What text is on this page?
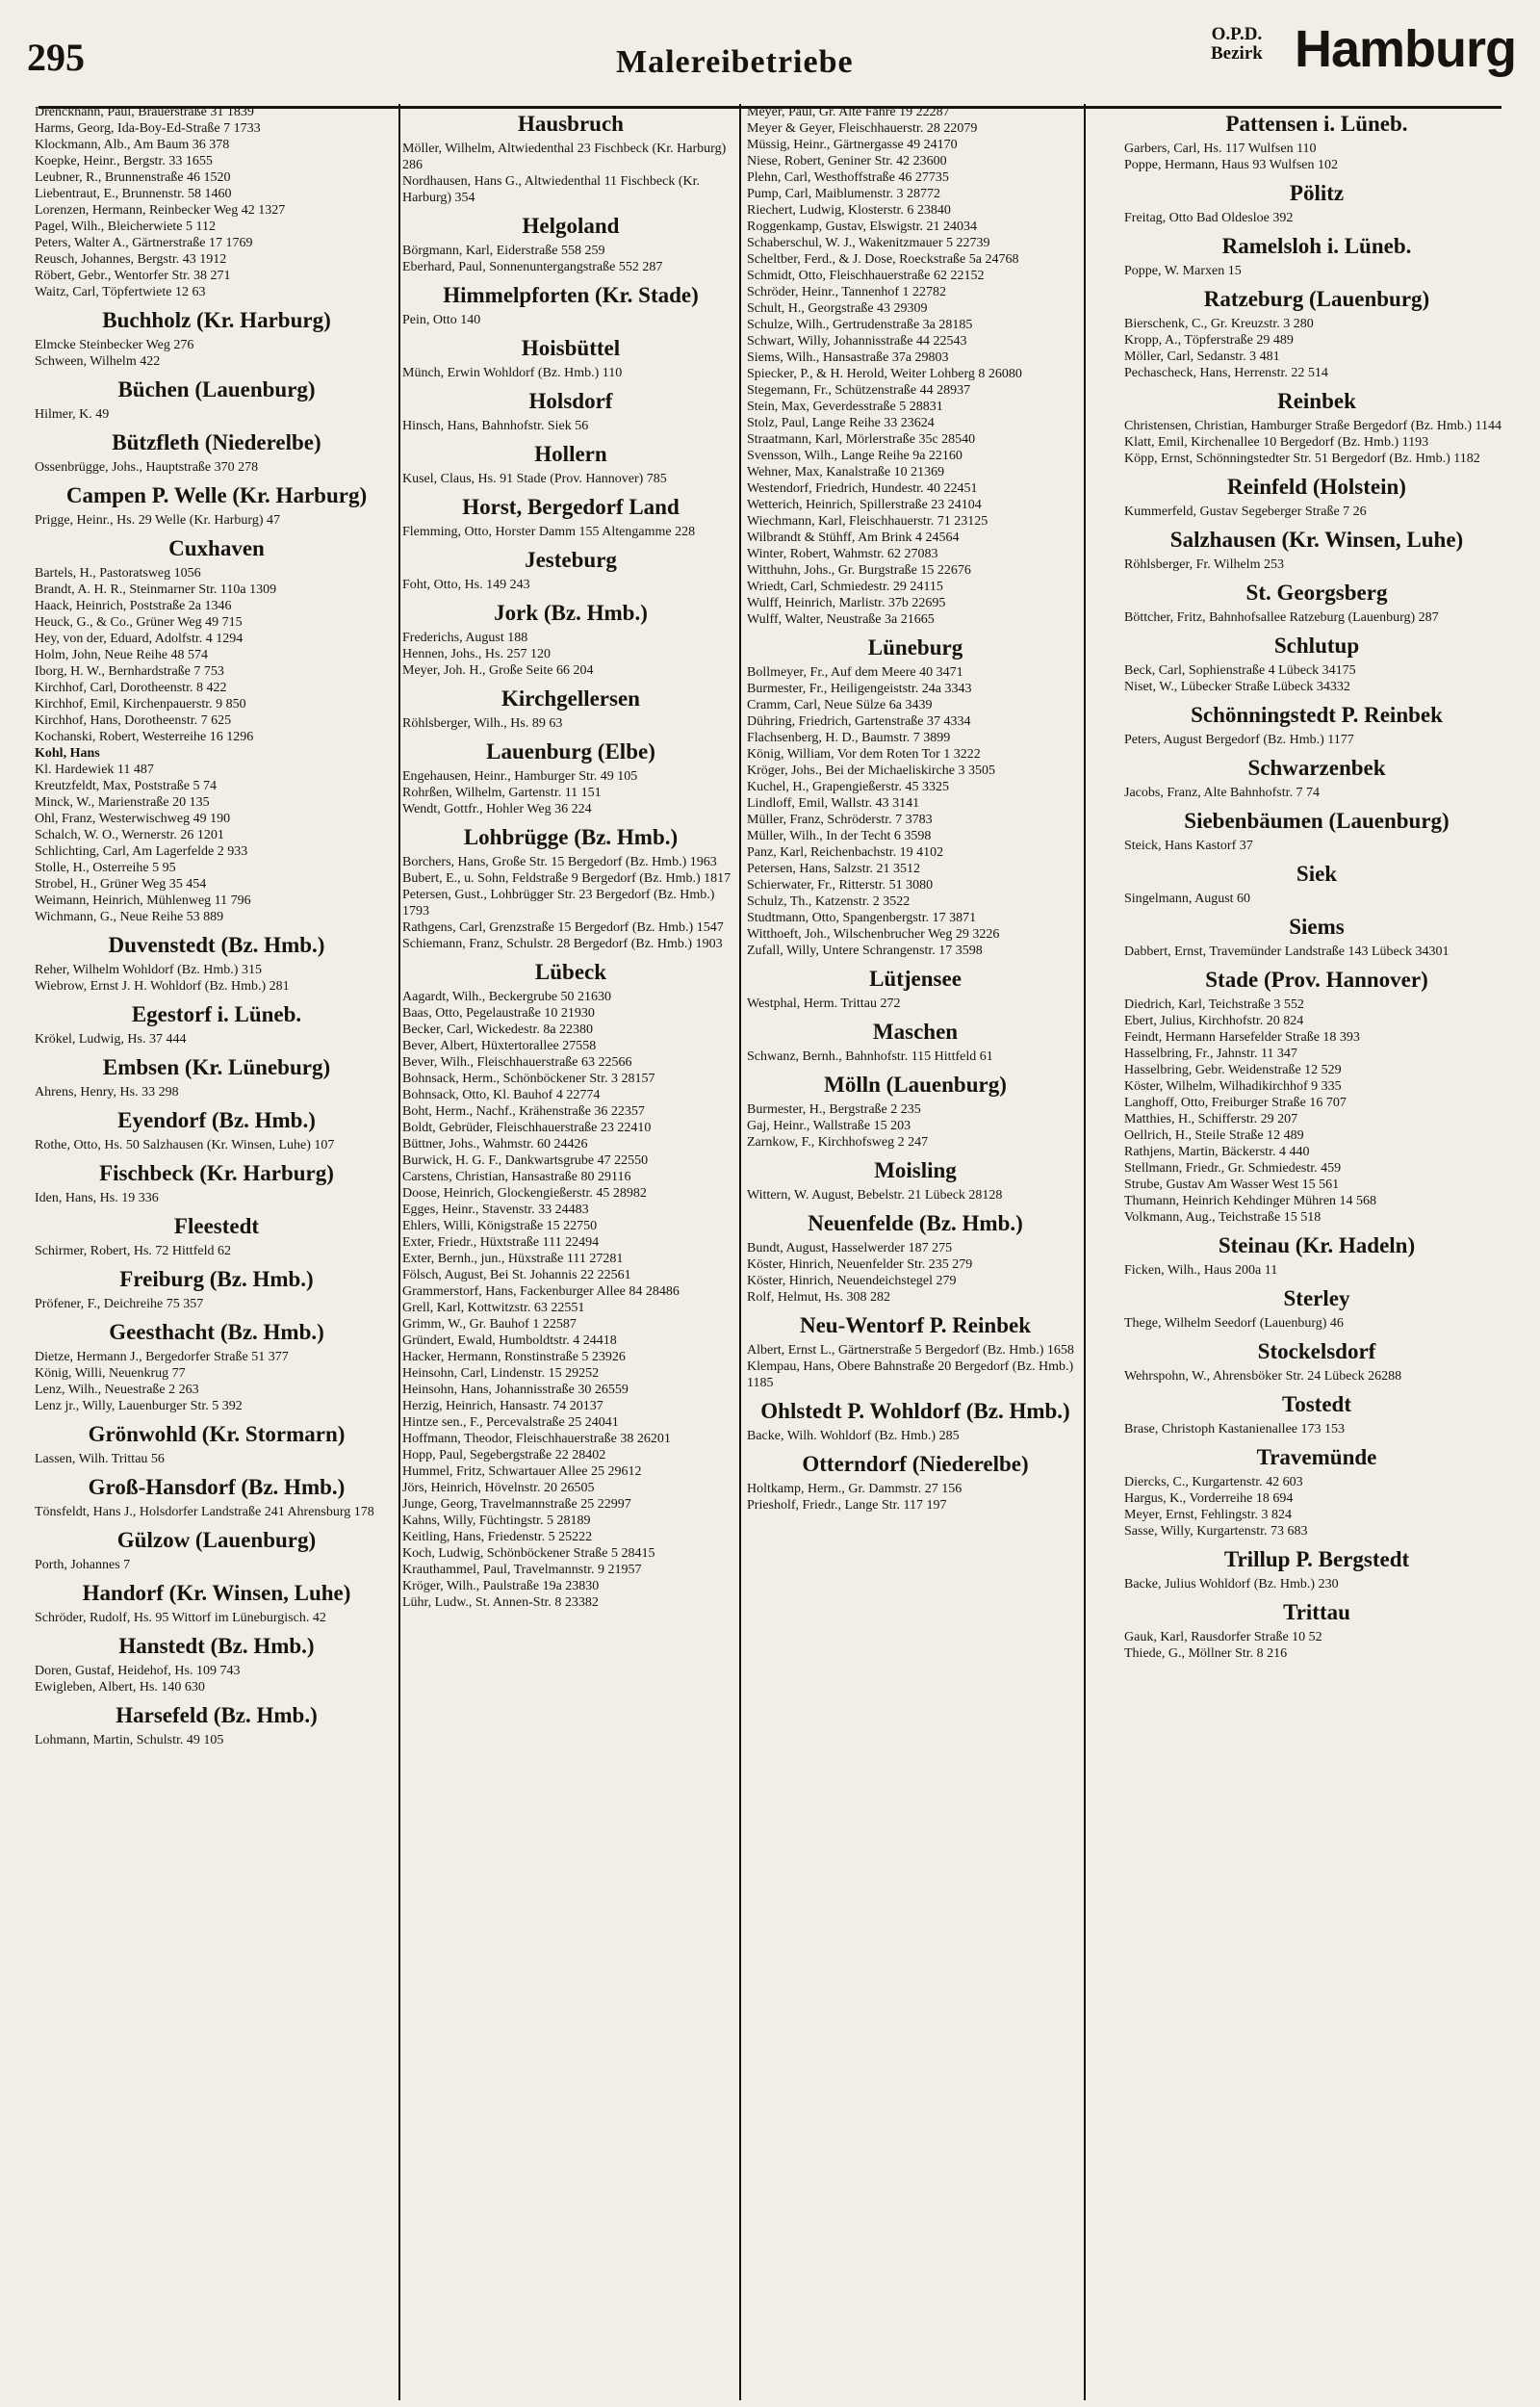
295	Malereibetriebe
O.P.D.
Bezirk Hamburg
Drenckhahn, Paul, Brauerstraße 31 1839
Harms, Georg, Ida-Boy-Ed-Straße 7 1733
Klockmann, Alb., Am Baum 36 378
Koepke, Heinr., Bergstr. 33 1655
Leubner, R., Brunnenstraße 46 1520
Liebentraut, E., Brunnenstr. 58 1460
Lorenzen, Hermann, Reinbecker Weg 42 1327
Pagel, Wilh., Bleicherwiete 5 112
Peters, Walter A., Gärtnerstraße 17 1769
Reusch, Johannes, Bergstr. 43 1912
Röbert, Gebr., Wentorfer Str. 38 271
Waitz, Carl, Töpfertwiete 12 63
Buchholz (Kr. Harburg)
Elmcke Steinbecker Weg 276
Schween, Wilhelm 422
Büchen (Lauenburg)
Hilmer, K. 49
Bützfleth (Niederelbe)
Ossenbrügge, Johs., Hauptstraße 370 278
Campen P. Welle (Kr. Harburg)
Prigge, Heinr., Hs. 29 Welle (Kr. Harburg) 47
Cuxhaven
Bartels, H., Pastoratsweg 1056
Brandt, A. H. R., Steinmarner Str. 110a 1309
Haack, Heinrich, Poststraße 2a 1346
Heuck, G., & Co., Grüner Weg 49 715
Hey, von der, Eduard, Adolfstr. 4 1294
Holm, John, Neue Reihe 48 574
Iborg, H. W., Bernhardstraße 7 753
Kirchhof, Carl, Dorotheenstr. 8 422
Kirchhof, Emil, Kirchenpauerstr. 9 850
Kirchhof, Hans, Dorotheenstr. 7 625
Kochanski, Robert, Westerreihe 16 1296
Kohl, Hans
Kl. Hardewiek 11 487
Kreutzfeldt, Max, Poststraße 5 74
Minck, W., Marienstraße 20 135
Ohl, Franz, Westerwischweg 49 190
Schalch, W. O., Wernerstr. 26 1201
Schlichting, Carl, Am Lagerfelde 2 933
Stolle, H., Osterreihe 5 95
Strobel, H., Grüner Weg 35 454
Weimann, Heinrich, Mühlenweg 11 796
Wichmann, G., Neue Reihe 53 889
Duvenstedt (Bz. Hmb.)
Reher, Wilhelm Wohldorf (Bz. Hmb.) 315
Wiebrow, Ernst J. H. Wohldorf (Bz. Hmb.) 281
Egestorf i. Lüneb.
Krökel, Ludwig, Hs. 37 444
Embsen (Kr. Lüneburg)
Ahrens, Henry, Hs. 33 298
Eyendorf (Bz. Hmb.)
Rothe, Otto, Hs. 50 Salzhausen (Kr. Winsen, Luhe) 107
Fischbeck (Kr. Harburg)
Iden, Hans, Hs. 19 336
Fleestedt
Schirmer, Robert, Hs. 72 Hittfeld 62
Freiburg (Bz. Hmb.)
Pröfener, F., Deichreihe 75 357
Geesthacht (Bz. Hmb.)
Dietze, Hermann J., Bergedorfer Straße 51 377
König, Willi, Neuenkrug 77
Lenz, Wilh., Neuestraße 2 263
Lenz jr., Willy, Lauenburger Str. 5 392
Grönwohld (Kr. Stormarn)
Lassen, Wilh. Trittau 56
Groß-Hansdorf (Bz. Hmb.)
Tönsfeldt, Hans J., Holsdorfer Landstraße 241 Ahrensburg 178
Gülzow (Lauenburg)
Porth, Johannes 7
Handorf (Kr. Winsen, Luhe)
Schröder, Rudolf, Hs. 95 Wittorf im Lüneburgisch. 42
Hanstedt (Bz. Hmb.)
Doren, Gustaf, Heidehof, Hs. 109 743
Ewigleben, Albert, Hs. 140 630
Harsefeld (Bz. Hmb.)
Lohmann, Martin, Schulstr. 49 105
Hausbruch
Möller, Wilhelm, Altwiedenthal 23 Fischbeck (Kr. Harburg) 286
Nordhausen, Hans G., Altwiedenthal 11 Fischbeck (Kr. Harburg) 354
Helgoland
Börgmann, Karl, Eiderstraße 558 259
Eberhard, Paul, Sonnenuntergangstraße 552 287
Himmelpforten (Kr. Stade)
Pein, Otto 140
Hoisbüttel
Münch, Erwin Wohldorf (Bz. Hmb.) 110
Holsdorf
Hinsch, Hans, Bahnhofstr. Siek 56
Hollern
Kusel, Claus, Hs. 91 Stade (Prov. Hannover) 785
Horst, Bergedorf Land
Flemming, Otto, Horster Damm 155 Altengamme 228
Jesteburg
Foht, Otto, Hs. 149 243
Jork (Bz. Hmb.)
Frederichs, August 188
Hennen, Johs., Hs. 257 120
Meyer, Joh. H., Große Seite 66 204
Kirchgellersen
Röhlsberger, Wilh., Hs. 89 63
Lauenburg (Elbe)
Engehausen, Heinr., Hamburger Str. 49 105
Rohrßen, Wilhelm, Gartenstr. 11 151
Wendt, Gottfr., Hohler Weg 36 224
Lohbrügge (Bz. Hmb.)
Borchers, Hans, Große Str. 15 Bergedorf (Bz. Hmb.) 1963
Bubert, E., u. Sohn, Feldstraße 9 Bergedorf (Bz. Hmb.) 1817
Petersen, Gust., Lohbrügger Str. 23 Bergedorf (Bz. Hmb.) 1793
Rathgens, Carl, Grenzstraße 15 Bergedorf (Bz. Hmb.) 1547
Schiemann, Franz, Schulstr. 28 Bergedorf (Bz. Hmb.) 1903
Lübeck
Aagardt, Wilh., Beckergrube 50 21630
Baas, Otto, Pegelaustraße 10 21930
Becker, Carl, Wickedestr. 8a 22380
Bever, Albert, Hüxtertorallee 27558
Bever, Wilh., Fleischhauerstraße 63 22566
Bohnsack, Herm., Schönböckener Str. 3 28157
Bohnsack, Otto, Kl. Bauhof 4 22774
Boht, Herm., Nachf., Krähenstraße 36 22357
Boldt, Gebrüder, Fleischhauerstraße 23 22410
Büttner, Johs., Wahmstr. 60 24426
Burwick, H. G. F., Dankwartsgrube 47 22550
Carstens, Christian, Hansastraße 80 29116
Doose, Heinrich, Glockengießerstr. 45 28982
Egges, Heinr., Stavenstr. 33 24483
Ehlers, Willi, Königstraße 15 22750
Exter, Friedr., Hüxtstraße 111 22494
Exter, Bernh., jun., Hüxstraße 111 27281
Fölsch, August, Bei St. Johannis 22 22561
Grammerstorf, Hans, Fackenburger Allee 84 28486
Grell, Karl, Kottwitzstr. 63 22551
Grimm, W., Gr. Bauhof 1 22587
Gründert, Ewald, Humboldtstr. 4 24418
Hacker, Hermann, Ronstinstraße 5 23926
Heinsohn, Carl, Lindenstr. 15 29252
Heinsohn, Hans, Johannisstraße 30 26559
Herzig, Heinrich, Hansastr. 74 20137
Hintze sen., F., Percevalstraße 25 24041
Hoffmann, Theodor, Fleischhauerstraße 38 26201
Hopp, Paul, Segebergstraße 22 28402
Hummel, Fritz, Schwartauer Allee 25 29612
Jörs, Heinrich, Hövelnstr. 20 26505
Junge, Georg, Travelmannstraße 25 22997
Kahns, Willy, Füchtingstr. 5 28189
Keitling, Hans, Friedenstr. 5 25222
Koch, Ludwig, Schönböckener Straße 5 28415
Krauthammel, Paul, Travelmannstr. 9 21957
Kröger, Wilh., Paulstraße 19a 23830
Lühr, Ludw., St. Annen-Str. 8 23382
Meyer, Paul, Gr. Alte Fähre 19 22287
Meyer & Geyer, Fleischhauerstr. 28 22079
Müssig, Heinr., Gärtnergasse 49 24170
Niese, Robert, Geniner Str. 42 23600
Plehn, Carl, Westhoffstraße 46 27735
Pump, Carl, Maiblumenstr. 3 28772
Riechert, Ludwig, Klosterstr. 6 23840
Roggenkamp, Gustav, Elswigstr. 21 24034
Schaberschul, W. J., Wakenitzmauer 5 22739
Scheltber, Ferd., & J. Dose, Roeckstraße 5a 24768
Schmidt, Otto, Fleischhauerstraße 62 22152
Schröder, Heinr., Tannenhof 1 22782
Schult, H., Georgstraße 43 29309
Schulze, Wilh., Gertrudenstraße 3a 28185
Schwart, Willy, Johannisstraße 44 22543
Siems, Wilh., Hansastraße 37a 29803
Spiecker, P., & H. Herold, Weiter Lohberg 8 26080
Stegemann, Fr., Schützenstraße 44 28937
Stein, Max, Geverdesstraße 5 28831
Stolz, Paul, Lange Reihe 33 23624
Straatmann, Karl, Mörlerstraße 35c 28540
Svensson, Wilh., Lange Reihe 9a 22160
Wehner, Max, Kanalstraße 10 21369
Westendorf, Friedrich, Hundestr. 40 22451
Wetterich, Heinrich, Spillerstraße 23 24104
Wiechmann, Karl, Fleischhauerstr. 71 23125
Wilbrandt & Stühff, Am Brink 4 24564
Winter, Robert, Wahmstr. 62 27083
Witthuhn, Johs., Gr. Burgstraße 15 22676
Wriedt, Carl, Schmiedestr. 29 24115
Wulff, Heinrich, Marlistr. 37b 22695
Wulff, Walter, Neustraße 3a 21665
Lüneburg
Bollmeyer, Fr., Auf dem Meere 40 3471
Burmester, Fr., Heiligengeiststr. 24a 3343
Cramm, Carl, Neue Sülze 6a 3439
Dühring, Friedrich, Gartenstraße 37 4334
Flachsenberg, H. D., Baumstr. 7 3899
König, William, Vor dem Roten Tor 1 3222
Kröger, Johs., Bei der Michaeliskirche 3 3505
Kuchel, H., Grapengießerstr. 45 3325
Lindloff, Emil, Wallstr. 43 3141
Müller, Franz, Schröderstr. 7 3783
Müller, Wilh., In der Techt 6 3598
Panz, Karl, Reichenbachstr. 19 4102
Petersen, Hans, Salzstr. 21 3512
Schierwater, Fr., Ritterstr. 51 3080
Schulz, Th., Katzenstr. 2 3522
Studtmann, Otto, Spangenbergstr. 17 3871
Witthoeft, Joh., Wilschenbrucher Weg 29 3226
Zufall, Willy, Untere Schrangenstr. 17 3598
Lütjensee
Westphal, Herm. Trittau 272
Maschen
Schwanz, Bernh., Bahnhofstr. 115 Hittfeld 61
Mölln (Lauenburg)
Burmester, H., Bergstraße 2 235
Gaj, Heinr., Wallstraße 15 203
Zarnkow, F., Kirchhofsweg 2 247
Moisling
Wittern, W. August, Bebelstr. 21 Lübeck 28128
Neuenfelde (Bz. Hmb.)
Bundt, August, Hasselwerder 187 275
Köster, Hinrich, Neuenfelder Str. 235 279
Köster, Hinrich, Neuendeichstegel 279
Rolf, Helmut, Hs. 308 282
Neu-Wentorf P. Reinbek
Albert, Ernst L., Gärtnerstraße 5 Bergedorf (Bz. Hmb.) 1658
Klempau, Hans, Obere Bahnstraße 20 Bergedorf (Bz. Hmb.) 1185
Ohlstedt P. Wohldorf (Bz. Hmb.)
Backe, Wilh. Wohldorf (Bz. Hmb.) 285
Otterndorf (Niederelbe)
Holtkamp, Herm., Gr. Dammstr. 27 156
Priesholf, Friedr., Lange Str. 117 197
Pattensen i. Lüneb.
Garbers, Carl, Hs. 117 Wulfsen 110
Poppe, Hermann, Haus 93 Wulfsen 102
Pölitz
Freitag, Otto Bad Oldesloe 392
Ramelsloh i. Lüneb.
Poppe, W. Marxen 15
Ratzeburg (Lauenburg)
Bierschenk, C., Gr. Kreuzstr. 3 280
Kropp, A., Töpferstraße 29 489
Möller, Carl, Sedanstr. 3 481
Pechascheck, Hans, Herrenstr. 22 514
Reinbek
Christensen, Christian, Hamburger Straße Bergedorf (Bz. Hmb.) 1144
Klatt, Emil, Kirchenallee 10 Bergedorf (Bz. Hmb.) 1193
Köpp, Ernst, Schönningstedter Str. 51 Bergedorf (Bz. Hmb.) 1182
Reinfeld (Holstein)
Kummerfeld, Gustav Segeberger Straße 7 26
Salzhausen (Kr. Winsen, Luhe)
Röhlsberger, Fr. Wilhelm 253
St. Georgsberg
Böttcher, Fritz, Bahnhofsallee Ratzeburg (Lauenburg) 287
Schlutup
Beck, Carl, Sophienstraße 4 Lübeck 34175
Niset, W., Lübecker Straße Lübeck 34332
Schönningstedt P. Reinbek
Peters, August Bergedorf (Bz. Hmb.) 1177
Schwarzenbek
Jacobs, Franz, Alte Bahnhofstr. 7 74
Siebenbäumen (Lauenburg)
Steick, Hans Kastorf 37
Siek
Singelmann, August 60
Siems
Dabbert, Ernst, Travemünder Landstraße 143 Lübeck 34301
Stade (Prov. Hannover)
Diedrich, Karl, Teichstraße 3 552
Ebert, Julius, Kirchhofstr. 20 824
Feindt, Hermann Harsefelder Straße 18 393
Hasselbring, Fr., Jahnstr. 11 347
Hasselbring, Gebr. Weidenstraße 12 529
Köster, Wilhelm, Wilhadikirchhof 9 335
Langhoff, Otto, Freiburger Straße 16 707
Matthies, H., Schifferstr. 29 207
Oellrich, H., Steile Straße 12 489
Rathjens, Martin, Bäckerstr. 4 440
Stellmann, Friedr., Gr. Schmiedestr. 459
Strube, Gustav Am Wasser West 15 561
Thumann, Heinrich Kehdinger Mühren 14 568
Volkmann, Aug., Teichstraße 15 518
Steinau (Kr. Hadeln)
Ficken, Wilh., Haus 200a 11
Sterley
Thege, Wilhelm Seedorf (Lauenburg) 46
Stockelsdorf
Wehrspohn, W., Ahrensböker Str. 24 Lübeck 26288
Tostedt
Brase, Christoph Kastanienallee 173 153
Travemünde
Diercks, C., Kurgartenstr. 42 603
Hargus, K., Vorderreihe 18 694
Meyer, Ernst, Fehlingstr. 3 824
Sasse, Willy, Kurgartenstr. 73 683
Trillup P. Bergstedt
Backe, Julius Wohldorf (Bz. Hmb.) 230
Trittau
Gauk, Karl, Rausdorfer Straße 10 52
Thiede, G., Möllner Str. 8 216
